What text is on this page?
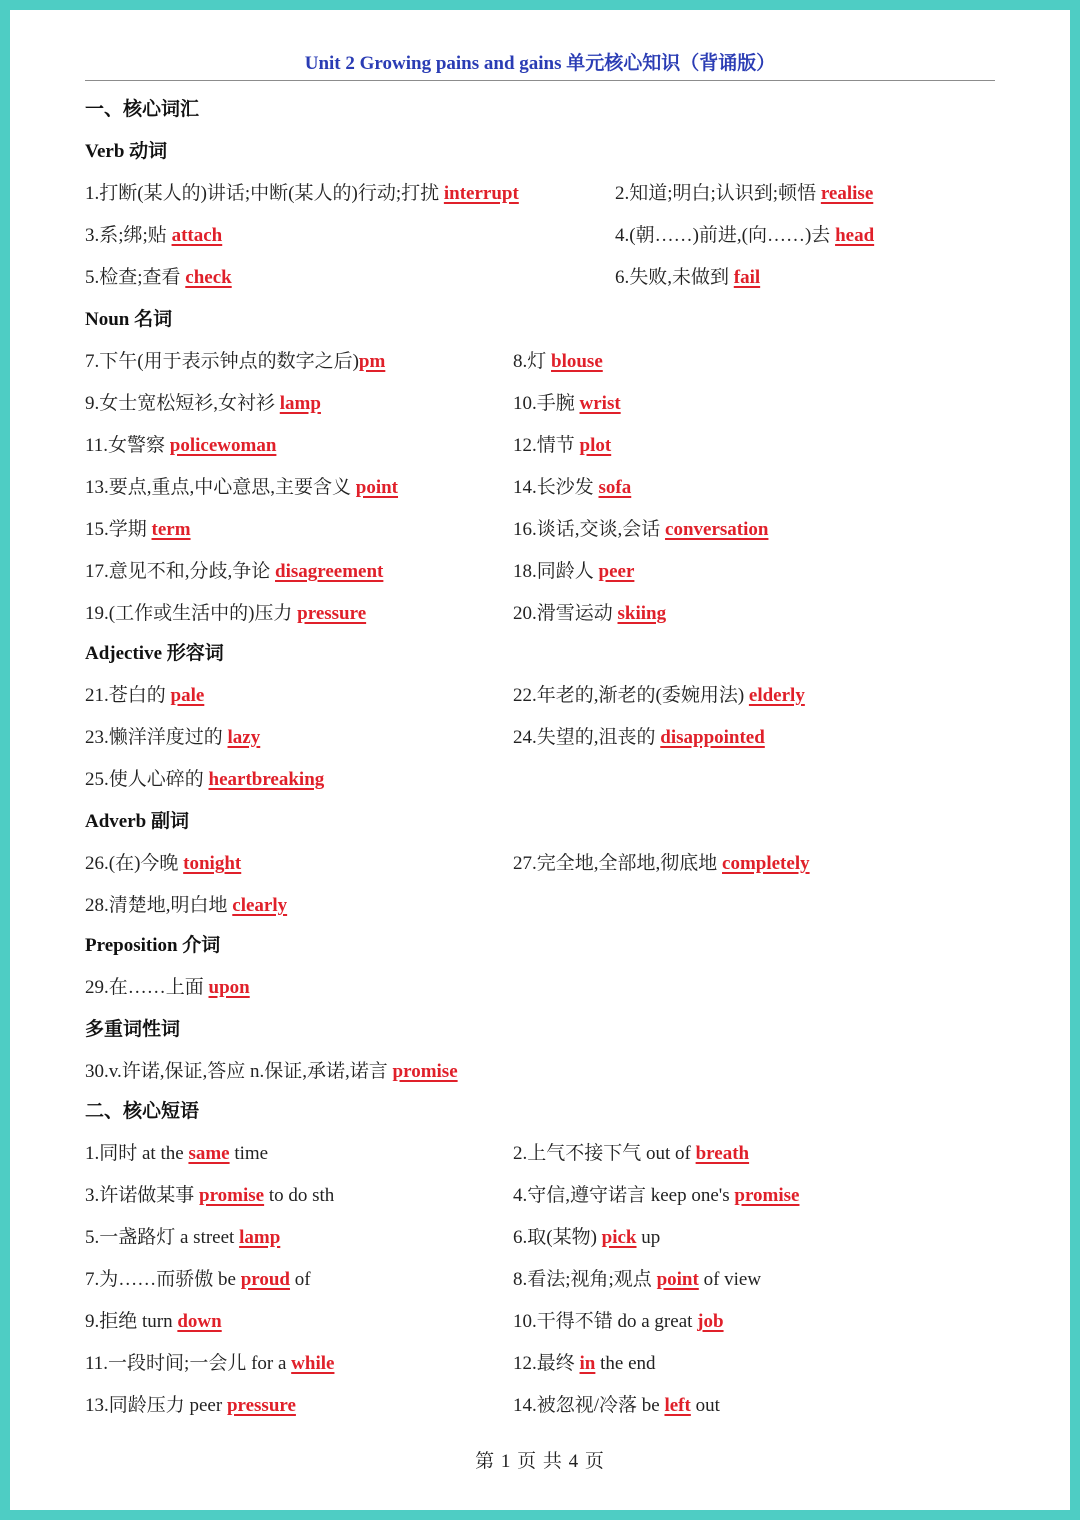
Unit 2 Growing pains and gains 单元核心知识（背诵版）
一、核心词汇
Verb 动词
1.打断(某人的)讲话;中断(某人的)行动;打扰 interrupt	2.知道;明白;认识到;顿悟 realise
3.系;绑;贴 attach	4.(朝……)前进,(向……)去 head
5.检查;查看 check	6.失败,未做到 fail
Noun 名词
7.下午(用于表示钟点的数字之后)pm	8.灯 blouse
9.女士宽松短衫,女衬衫 lamp	10.手腕 wrist
11.女警察 policewoman	12.情节 plot
13.要点,重点,中心意思,主要含义 point	14.长沙发 sofa
15.学期 term	16.谈话,交谈,会话 conversation
17.意见不和,分歧,争论 disagreement	18.同龄人 peer
19.(工作或生活中的)压力 pressure	20.滑雪运动 skiing
Adjective 形容词
21.苍白的 pale	22.年老的,渐老的(委婉用法) elderly
23.懒洋洋度过的 lazy	24.失望的,沮丧的 disappointed
25.使人心碎的 heartbreaking
Adverb 副词
26.(在)今晚 tonight	27.完全地,全部地,彻底地 completely
28.清楚地,明白地 clearly
Preposition 介词
29.在……上面 upon
多重词性词
30.v.许诺,保证,答应 n.保证,承诺,诺言 promise
二、核心短语
1.同时 at the same time	2.上气不接下气 out of breath
3.许诺做某事 promise to do sth	4.守信,遵守诺言 keep one's promise
5.一盏路灯 a street lamp	6.取(某物) pick up
7.为……而骄傲 be proud of	8.看法;视角;观点 point of view
9.拒绝 turn down	10.干得不错 do a great job
11.一段时间;一会儿 for a while	12.最终 in the end
13.同龄压力 peer pressure	14.被忽视/冷落 be left out
第 1 页 共 4 页
